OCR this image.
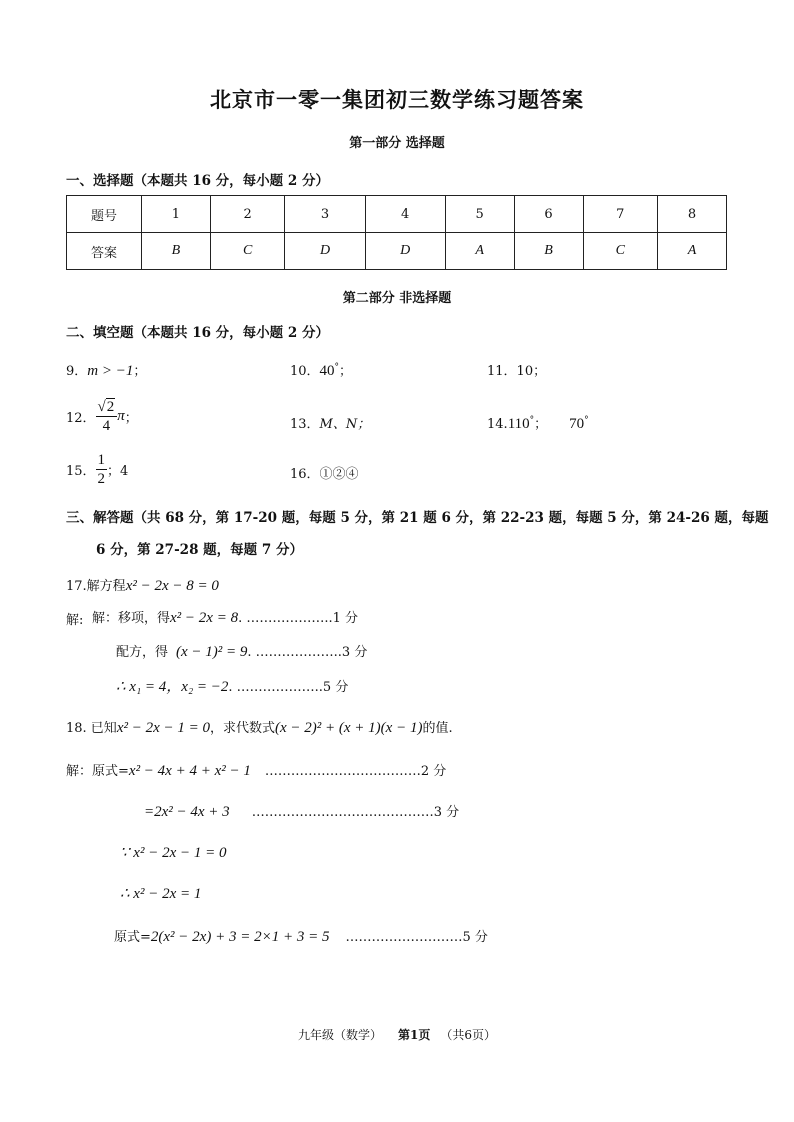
北京市一零一集团初三数学练习题答案
第一部分 选择题
一、选择题（本题共 16 分，每小题 2 分）
题号	1	2	3	4	5	6	7	8
答案	B	C	D	D	A	B	C	A
第二部分 非选择题
二、填空题（本题共 16 分，每小题 2 分）
9．m > −1；	10．40°；	11．10；
12． $\frac{√2}{4}$ π；	13．M、N；	14.110°； 70°
15． $\frac{1}{2}$ ；4	16．①②④
三、解答题（共 68 分，第 17-20 题，每题 5 分，第 21 题 6 分，第 22-23 题，每题 5 分，第 24-26 题，每题
6 分，第 27-28 题，每题 7 分）
17.解方程x² − 2x − 8 = 0
解: 解：移项，得x² − 2x = 8. ………………..1 分
配方，得 (x − 1)² = 9. ………………..3 分
∴ x₁ = 4，x₂ = −2. ………………..5 分
18. 已知x² − 2x − 1 = 0，求代数式(x − 2)² + (x + 1)(x − 1)的值.
解：原式=x² − 4x + 4 + x² − 1 ………………………………2 分
=2x² − 4x + 3 ……………………………………3 分
∵ x² − 2x − 1 = 0
∴ x² − 2x = 1
原式=2(x² − 2x) + 3 = 2×1 + 3 = 5 ………………………5 分
九年级（数学） 第1页 （共6页）
